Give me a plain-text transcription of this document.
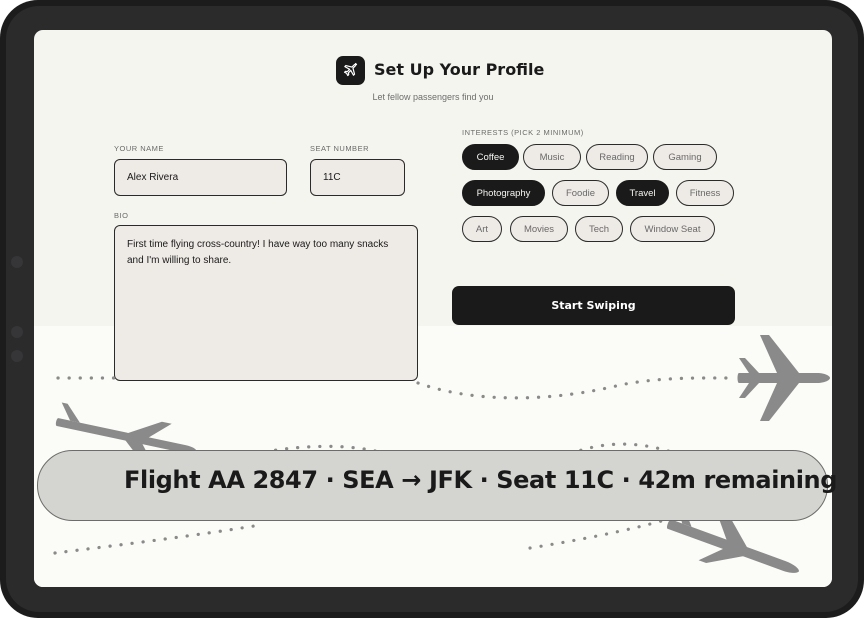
Set Up Your Profile
Let fellow passengers find you
YOUR NAME
Alex Rivera
SEAT NUMBER
11C
BIO
First time flying cross-country! I have way too many snacks and I'm willing to share.
INTERESTS (PICK 2 MINIMUM)
Coffee	Music	Reading	Gaming
Photography	Foodie	Travel	Fitness
Art	Movies	Tech	Window Seat
Start Swiping
Flight AA 2847 · SEA → JFK · Seat 11C · 42m remaining
